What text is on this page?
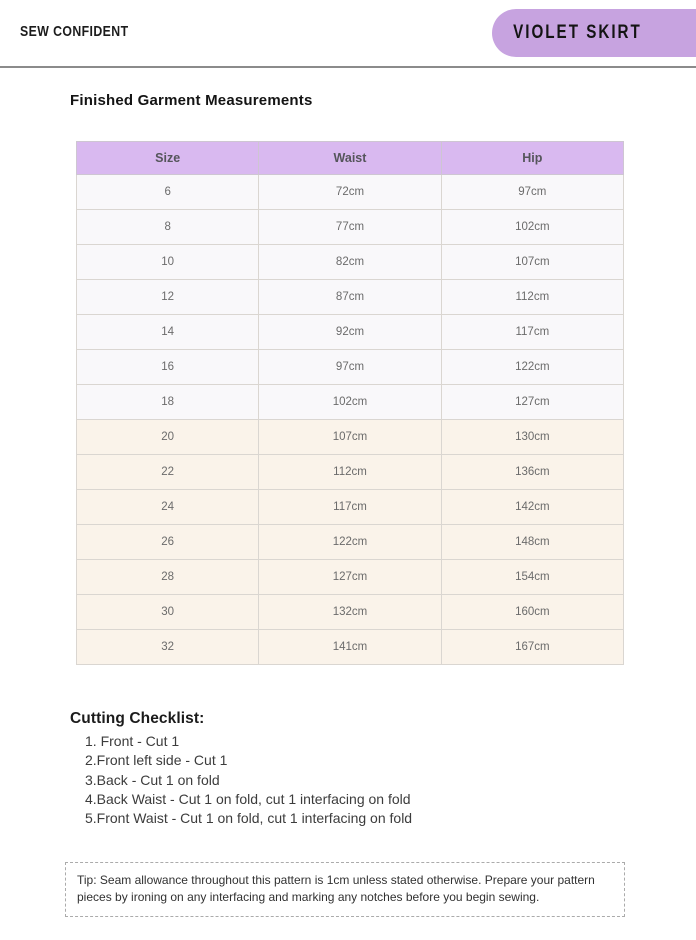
SEW CONFIDENT	VIOLET SKIRT
Finished Garment Measurements
Size	Waist	Hip
6	72cm	97cm
8	77cm	102cm
10	82cm	107cm
12	87cm	112cm
14	92cm	117cm
16	97cm	122cm
18	102cm	127cm
20	107cm	130cm
22	112cm	136cm
24	117cm	142cm
26	122cm	148cm
28	127cm	154cm
30	132cm	160cm
32	141cm	167cm
Cutting Checklist:
1. Front - Cut 1
2.Front left side - Cut 1
3.Back - Cut 1 on fold
4.Back Waist - Cut 1 on fold, cut 1 interfacing on fold
5.Front Waist - Cut 1 on fold, cut 1 interfacing on fold
Tip: Seam allowance throughout this pattern is 1cm unless stated otherwise. Prepare your pattern pieces by ironing on any interfacing and marking any notches before you begin sewing.
